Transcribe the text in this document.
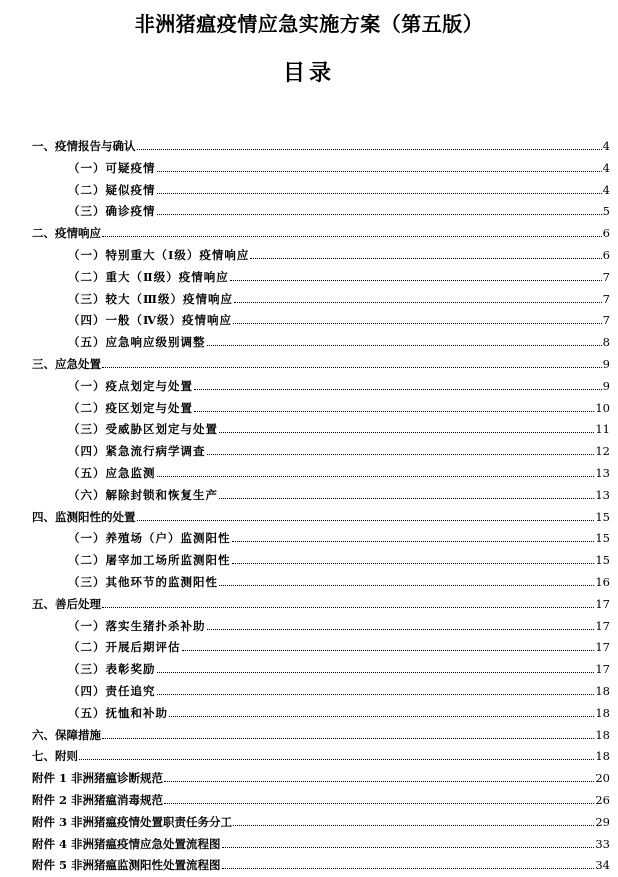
非洲猪瘟疫情应急实施方案（第五版）
目录
一、疫情报告与确认	4
（一）可疑疫情	4
（二）疑似疫情	4
（三）确诊疫情	5
二、疫情响应	6
（一）特别重大（Ⅰ级）疫情响应	6
（二）重大（Ⅱ级）疫情响应	7
（三）较大（Ⅲ级）疫情响应	7
（四）一般（Ⅳ级）疫情响应	7
（五）应急响应级别调整	8
三、应急处置	9
（一）疫点划定与处置	9
（二）疫区划定与处置	10
（三）受威胁区划定与处置	11
（四）紧急流行病学调查	12
（五）应急监测	13
（六）解除封锁和恢复生产	13
四、监测阳性的处置	15
（一）养殖场（户）监测阳性	15
（二）屠宰加工场所监测阳性	15
（三）其他环节的监测阳性	16
五、善后处理	17
（一）落实生猪扑杀补助	17
（二）开展后期评估	17
（三）表彰奖励	17
（四）责任追究	18
（五）抚恤和补助	18
六、保障措施	18
七、附则	18
附件 1 非洲猪瘟诊断规范	20
附件 2 非洲猪瘟消毒规范	26
附件 3 非洲猪瘟疫情处置职责任务分工	29
附件 4 非洲猪瘟疫情应急处置流程图	33
附件 5 非洲猪瘟监测阳性处置流程图	34
